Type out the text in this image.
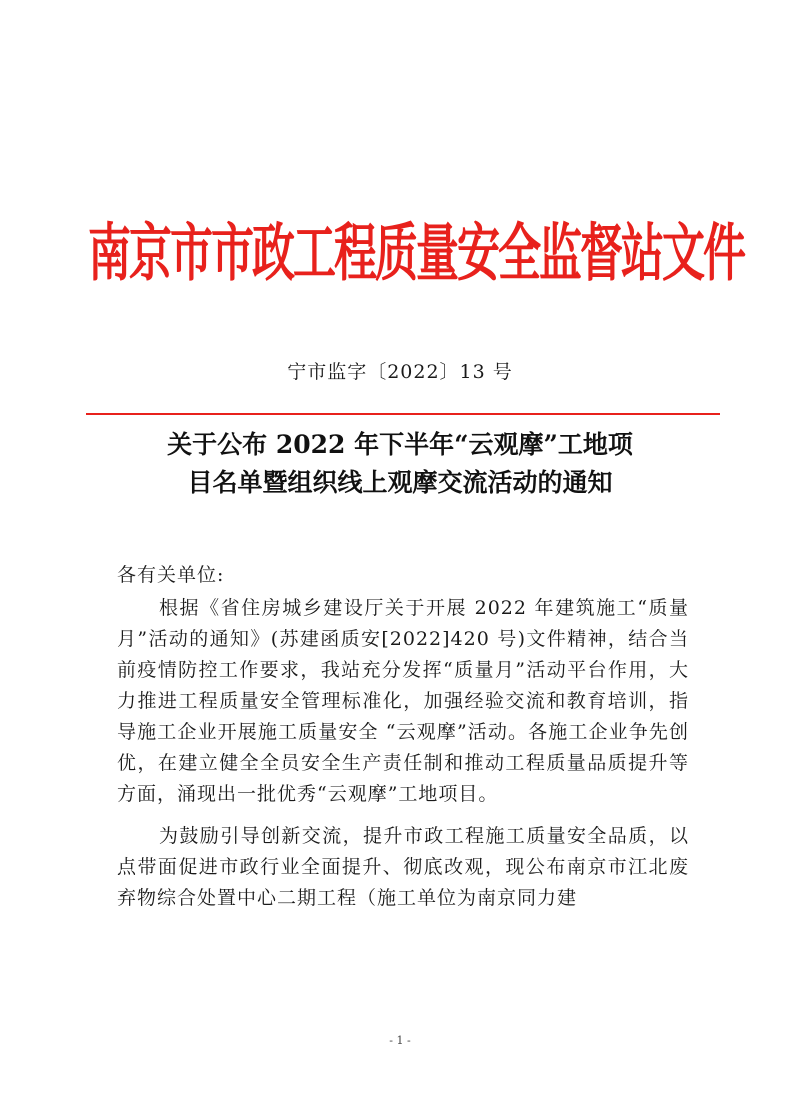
南京市市政工程质量安全监督站文件
宁市监字〔2022〕13 号
关于公布 2022 年下半年“云观摩”工地项
目名单暨组织线上观摩交流活动的通知
各有关单位:

根据《省住房城乡建设厅关于开展 2022 年建筑施工“质量月”活动的通知》(苏建函质安[2022]420 号)文件精神，结合当前疫情防控工作要求，我站充分发挥“质量月”活动平台作用，大力推进工程质量安全管理标准化，加强经验交流和教育培训，指导施工企业开展施工质量安全 “云观摩”活动。各施工企业争先创优，在建立健全全员安全生产责任制和推动工程质量品质提升等方面，涌现出一批优秀“云观摩”工地项目。

为鼓励引导创新交流，提升市政工程施工质量安全品质，以点带面促进市政行业全面提升、彻底改观，现公布南京市江北废弃物综合处置中心二期工程（施工单位为南京同力建

- 1 -
